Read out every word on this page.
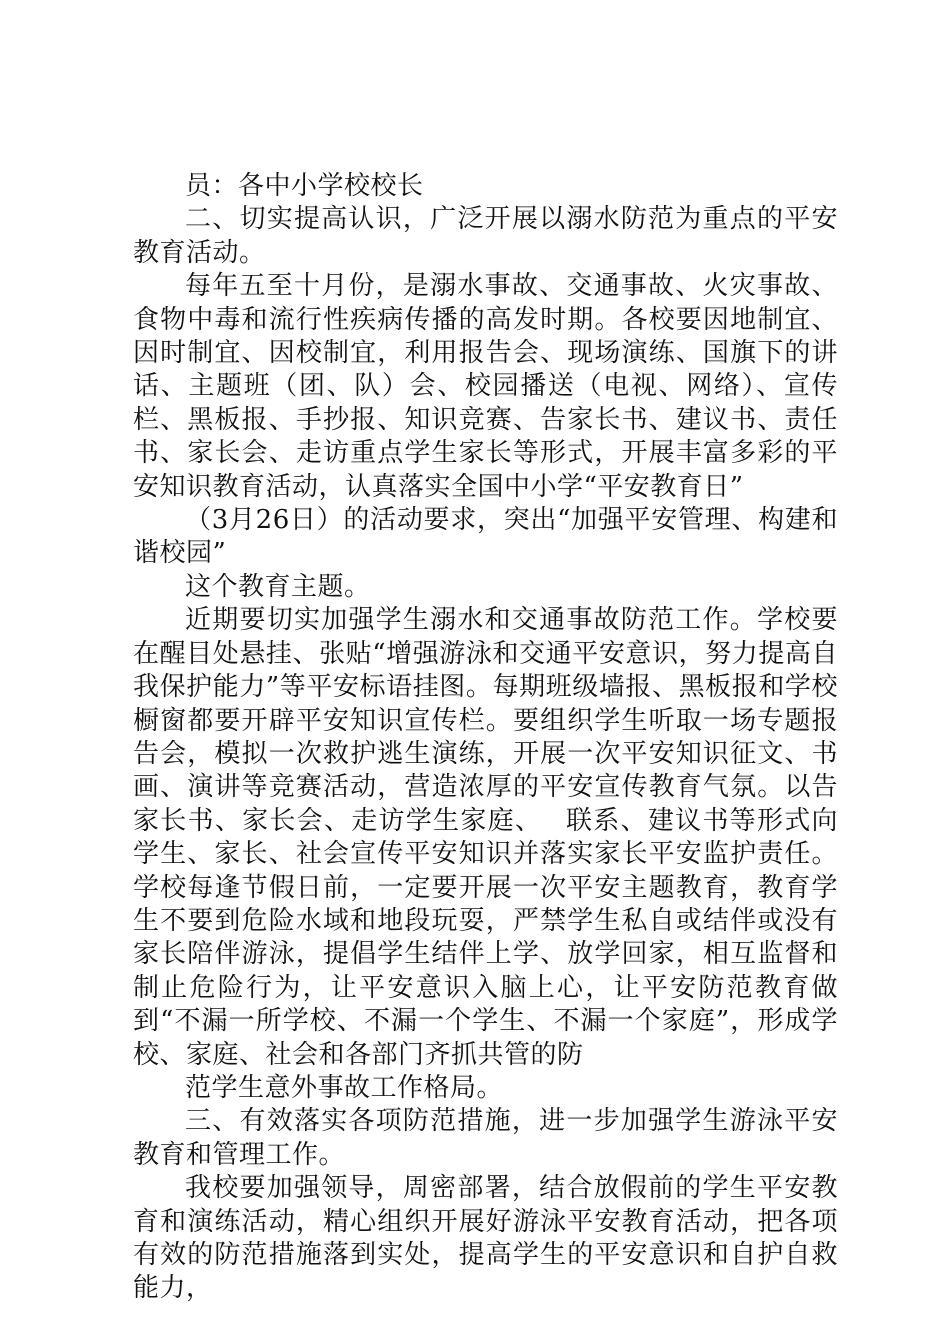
员：各中小学校校长

二、切实提高认识，广泛开展以溺水防范为重点的平安教育活动。

每年五至十月份，是溺水事故、交通事故、火灾事故、食物中毒和流行性疾病传播的高发时期。各校要因地制宜、因时制宜、因校制宜，利用报告会、现场演练、国旗下的讲话、主题班（团、队）会、校园播送（电视、网络）、宣传栏、黑板报、手抄报、知识竞赛、告家长书、建议书、责任书、家长会、走访重点学生家长等形式，开展丰富多彩的平安知识教育活动，认真落实全国中小学“平安教育日”

（3月26日）的活动要求，突出“加强平安管理、构建和谐校园”

这个教育主题。

近期要切实加强学生溺水和交通事故防范工作。学校要在醒目处悬挂、张贴“增强游泳和交通平安意识，努力提高自我保护能力”等平安标语挂图。每期班级墙报、黑板报和学校橱窗都要开辟平安知识宣传栏。要组织学生听取一场专题报告会，模拟一次救护逃生演练，开展一次平安知识征文、书画、演讲等竞赛活动，营造浓厚的平安宣传教育气氛。以告家长书、家长会、走访学生家庭、　 联系、建议书等形式向学生、家长、社会宣传平安知识并落实家长平安监护责任。学校每逢节假日前，一定要开展一次平安主题教育，教育学生不要到危险水域和地段玩耍，严禁学生私自或结伴或没有家长陪伴游泳，提倡学生结伴上学、放学回家，相互监督和制止危险行为，让平安意识入脑上心，让平安防范教育做到“不漏一所学校、不漏一个学生、不漏一个家庭”，形成学校、家庭、社会和各部门齐抓共管的防

范学生意外事故工作格局。

三、有效落实各项防范措施，进一步加强学生游泳平安教育和管理工作。

我校要加强领导，周密部署，结合放假前的学生平安教育和演练活动，精心组织开展好游泳平安教育活动，把各项有效的防范措施落到实处，提高学生的平安意识和自护自救能力，
